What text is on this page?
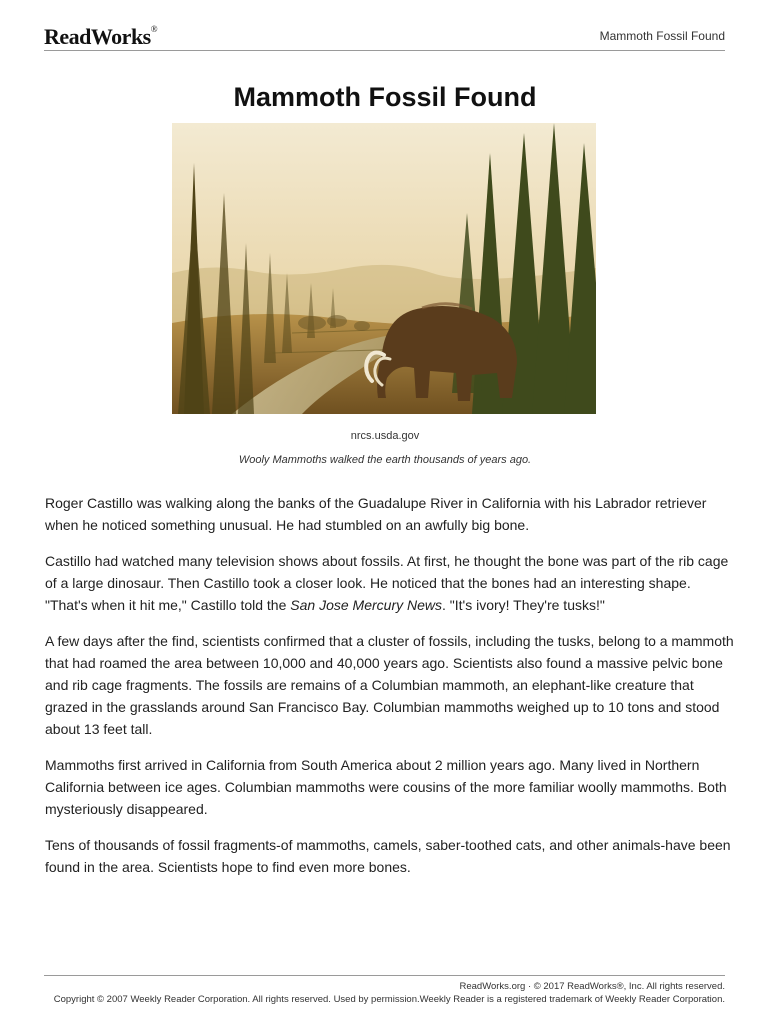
ReadWorks®
Mammoth Fossil Found
Mammoth Fossil Found
nrcs.usda.gov
Wooly Mammoths walked the earth thousands of years ago.

Roger Castillo was walking along the banks of the Guadalupe River in California with his Labrador retriever when he noticed something unusual. He had stumbled on an awfully big bone.

Castillo had watched many television shows about fossils. At first, he thought the bone was part of the rib cage of a large dinosaur. Then Castillo took a closer look. He noticed that the bones had an interesting shape. "That's when it hit me," Castillo told the San Jose Mercury News. "It's ivory! They're tusks!"

A few days after the find, scientists confirmed that a cluster of fossils, including the tusks, belong to a mammoth that had roamed the area between 10,000 and 40,000 years ago. Scientists also found a massive pelvic bone and rib cage fragments. The fossils are remains of a Columbian mammoth, an elephant-like creature that grazed in the grasslands around San Francisco Bay. Columbian mammoths weighed up to 10 tons and stood about 13 feet tall.

Mammoths first arrived in California from South America about 2 million years ago. Many lived in Northern California between ice ages. Columbian mammoths were cousins of the more familiar woolly mammoths. Both mysteriously disappeared.

Tens of thousands of fossil fragments-of mammoths, camels, saber-toothed cats, and other animals-have been found in the area. Scientists hope to find even more bones.

ReadWorks.org · © 2017 ReadWorks®, Inc. All rights reserved.
Copyright © 2007 Weekly Reader Corporation. All rights reserved. Used by permission.Weekly Reader is a registered trademark of Weekly Reader Corporation.
